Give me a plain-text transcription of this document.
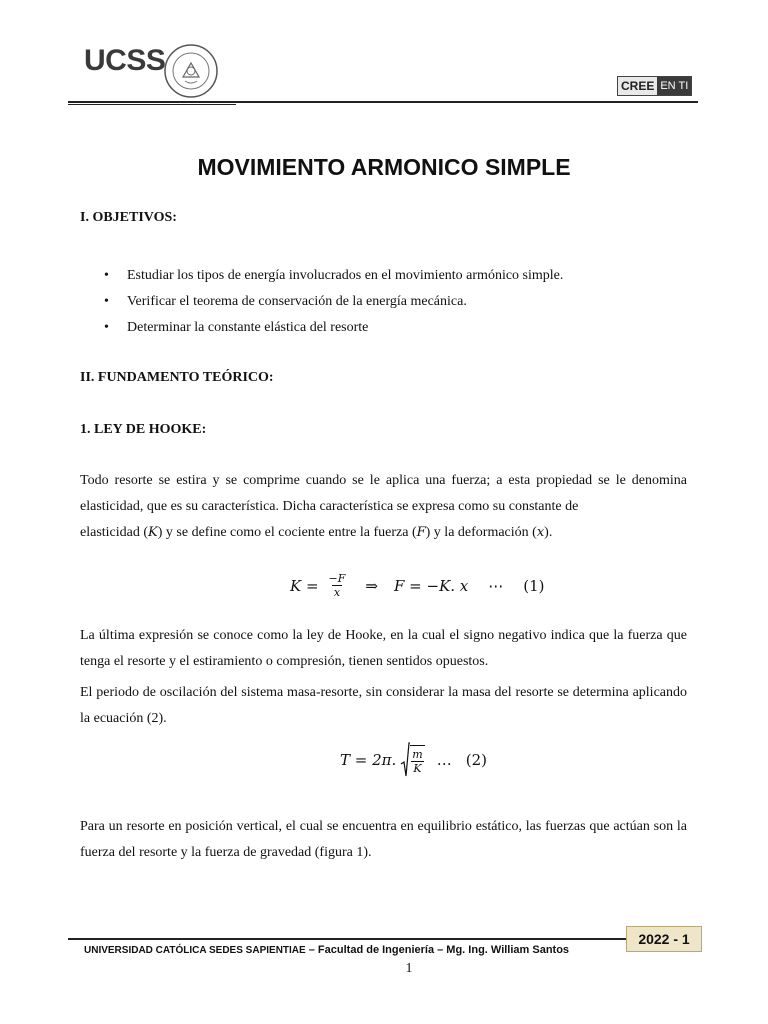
UCSS
CREE EN TI
MOVIMIENTO ARMONICO SIMPLE
I. OBJETIVOS:
• Estudiar los tipos de energía involucrados en el movimiento armónico simple.
• Verificar el teorema de conservación de la energía mecánica.
• Determinar la constante elástica del resorte
II. FUNDAMENTO TEÓRICO:
1. LEY DE HOOKE:
Todo resorte se estira y se comprime cuando se le aplica una fuerza; a esta propiedad se le denomina elasticidad, que es su característica. Dicha característica se expresa como su constante de
elasticidad (K) y se define como el cociente entre la fuerza (F) y la deformación (x).
$K = \frac{-F}{x}$ ⇒ F = −K. x ⋯ (1)
La última expresión se conoce como la ley de Hooke, en la cual el signo negativo indica que la fuerza que tenga el resorte y el estiramiento o compresión, tienen sentidos opuestos.
El periodo de oscilación del sistema masa-resorte, sin considerar la masa del resorte se determina aplicando la ecuación (2).
T = 2π. $\frac{m}{K}$ … (2)
Para un resorte en posición vertical, el cual se encuentra en equilibrio estático, las fuerzas que actúan son la fuerza del resorte y la fuerza de gravedad (figura 1).
2022 - 1
UNIVERSIDAD CATÓLICA SEDES SAPIENTIAE – Facultad de Ingeniería – Mg. Ing. William Santos
1
